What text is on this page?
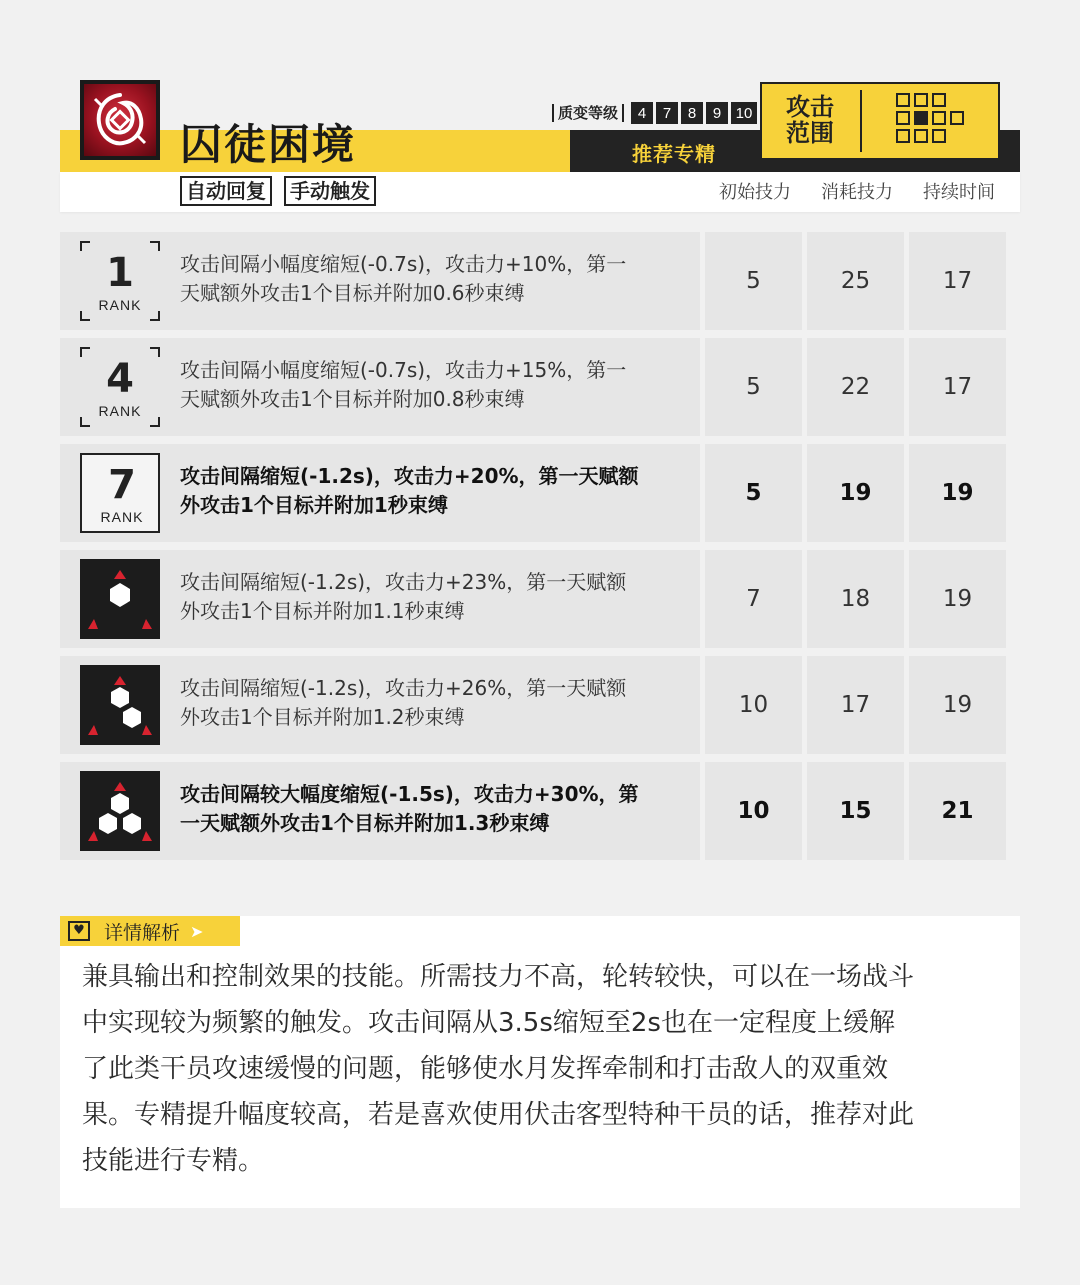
囚徒困境
质变等级	4	7	8	9 10
推荐专精
攻击
范围
自动回复	手动触发	初始技力	消耗技力	持续时间
1
RANK
攻击间隔小幅度缩短(-0.7s)，攻击力+10%，第一
天赋额外攻击1个目标并附加0.6秒束缚	5	25	17
4
RANK
攻击间隔小幅度缩短(-0.7s)，攻击力+15%，第一
天赋额外攻击1个目标并附加0.8秒束缚	5	22	17
7
RANK
攻击间隔缩短(-1.2s)，攻击力+20%，第一天赋额
外攻击1个目标并附加1秒束缚	5	19	19
攻击间隔缩短(-1.2s)，攻击力+23%，第一天赋额
外攻击1个目标并附加1.1秒束缚	7	18	19
攻击间隔缩短(-1.2s)，攻击力+26%，第一天赋额
外攻击1个目标并附加1.2秒束缚	10	17	19
攻击间隔较大幅度缩短(-1.5s)，攻击力+30%，第
一天赋额外攻击1个目标并附加1.3秒束缚	10	15	21
♥ 详情解析 ➤
兼具输出和控制效果的技能。所需技力不高，轮转较快，可以在一场战斗
中实现较为频繁的触发。攻击间隔从3.5s缩短至2s也在一定程度上缓解
了此类干员攻速缓慢的问题，能够使水月发挥牵制和打击敌人的双重效
果。专精提升幅度较高，若是喜欢使用伏击客型特种干员的话，推荐对此
技能进行专精。
